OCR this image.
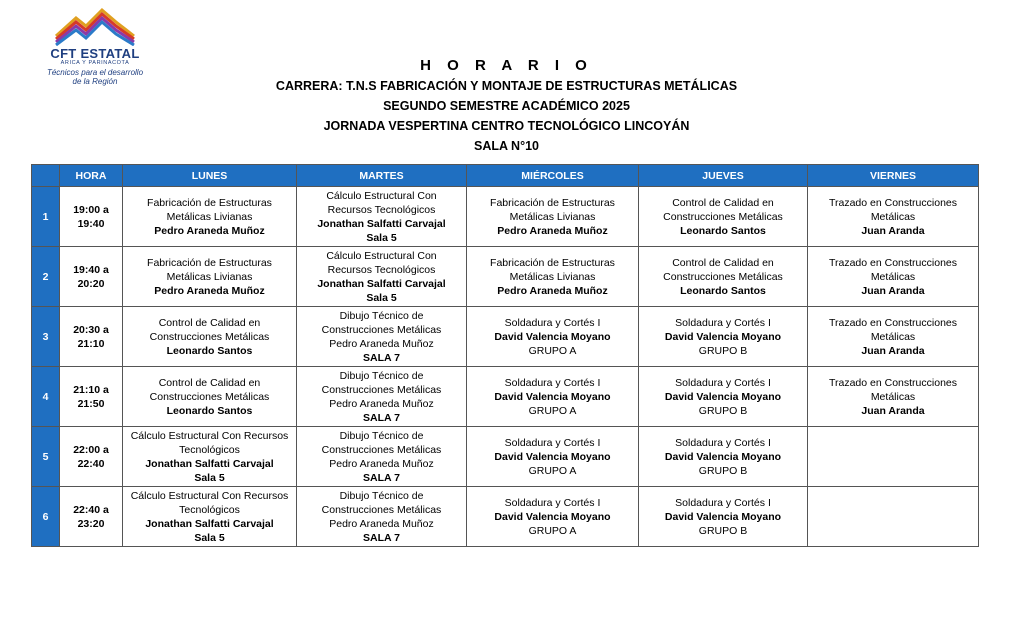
CFT ESTATAL
ARICA Y PARINACOTA
Técnicos para el desarrollo
de la Región
H O R A R I O
CARRERA: T.N.S FABRICACIÓN Y MONTAJE DE ESTRUCTURAS METÁLICAS
SEGUNDO SEMESTRE ACADÉMICO 2025
JORNADA VESPERTINA CENTRO TECNOLÓGICO LINCOYÁN
SALA N°10
	HORA	LUNES	MARTES	MIÉRCOLES	JUEVES	VIERNES
1	19:00 a
19:40	Fabricación de Estructuras
Metálicas Livianas
Pedro Araneda Muñoz	Cálculo Estructural Con
Recursos Tecnológicos
Jonathan Salfatti Carvajal
Sala 5	Fabricación de Estructuras
Metálicas Livianas
Pedro Araneda Muñoz	Control de Calidad en
Construcciones Metálicas
Leonardo Santos	Trazado en Construcciones
Metálicas
Juan Aranda

2	19:40 a
20:20	Fabricación de Estructuras
Metálicas Livianas
Pedro Araneda Muñoz	Cálculo Estructural Con
Recursos Tecnológicos
Jonathan Salfatti Carvajal
Sala 5	Fabricación de Estructuras
Metálicas Livianas
Pedro Araneda Muñoz	Control de Calidad en
Construcciones Metálicas
Leonardo Santos	Trazado en Construcciones
Metálicas
Juan Aranda

3	20:30 a
21:10	Control de Calidad en
Construcciones Metálicas
Leonardo Santos	Dibujo Técnico de
Construcciones Metálicas
Pedro Araneda Muñoz
SALA 7	Soldadura y Cortés I
David Valencia Moyano
GRUPO A	Soldadura y Cortés I
David Valencia Moyano
GRUPO B	Trazado en Construcciones
Metálicas
Juan Aranda

4	21:10 a
21:50	Control de Calidad en
Construcciones Metálicas
Leonardo Santos	Dibujo Técnico de
Construcciones Metálicas
Pedro Araneda Muñoz
SALA 7	Soldadura y Cortés I
David Valencia Moyano
GRUPO A	Soldadura y Cortés I
David Valencia Moyano
GRUPO B	Trazado en Construcciones
Metálicas
Juan Aranda

5	22:00 a
22:40	Cálculo Estructural Con Recursos
Tecnológicos
Jonathan Salfatti Carvajal
Sala 5	Dibujo Técnico de
Construcciones Metálicas
Pedro Araneda Muñoz
SALA 7	Soldadura y Cortés I
David Valencia Moyano
GRUPO A	Soldadura y Cortés I
David Valencia Moyano
GRUPO B	

6	22:40 a
23:20	Cálculo Estructural Con Recursos
Tecnológicos
Jonathan Salfatti Carvajal
Sala 5	Dibujo Técnico de
Construcciones Metálicas
Pedro Araneda Muñoz
SALA 7	Soldadura y Cortés I
David Valencia Moyano
GRUPO A	Soldadura y Cortés I
David Valencia Moyano
GRUPO B	
